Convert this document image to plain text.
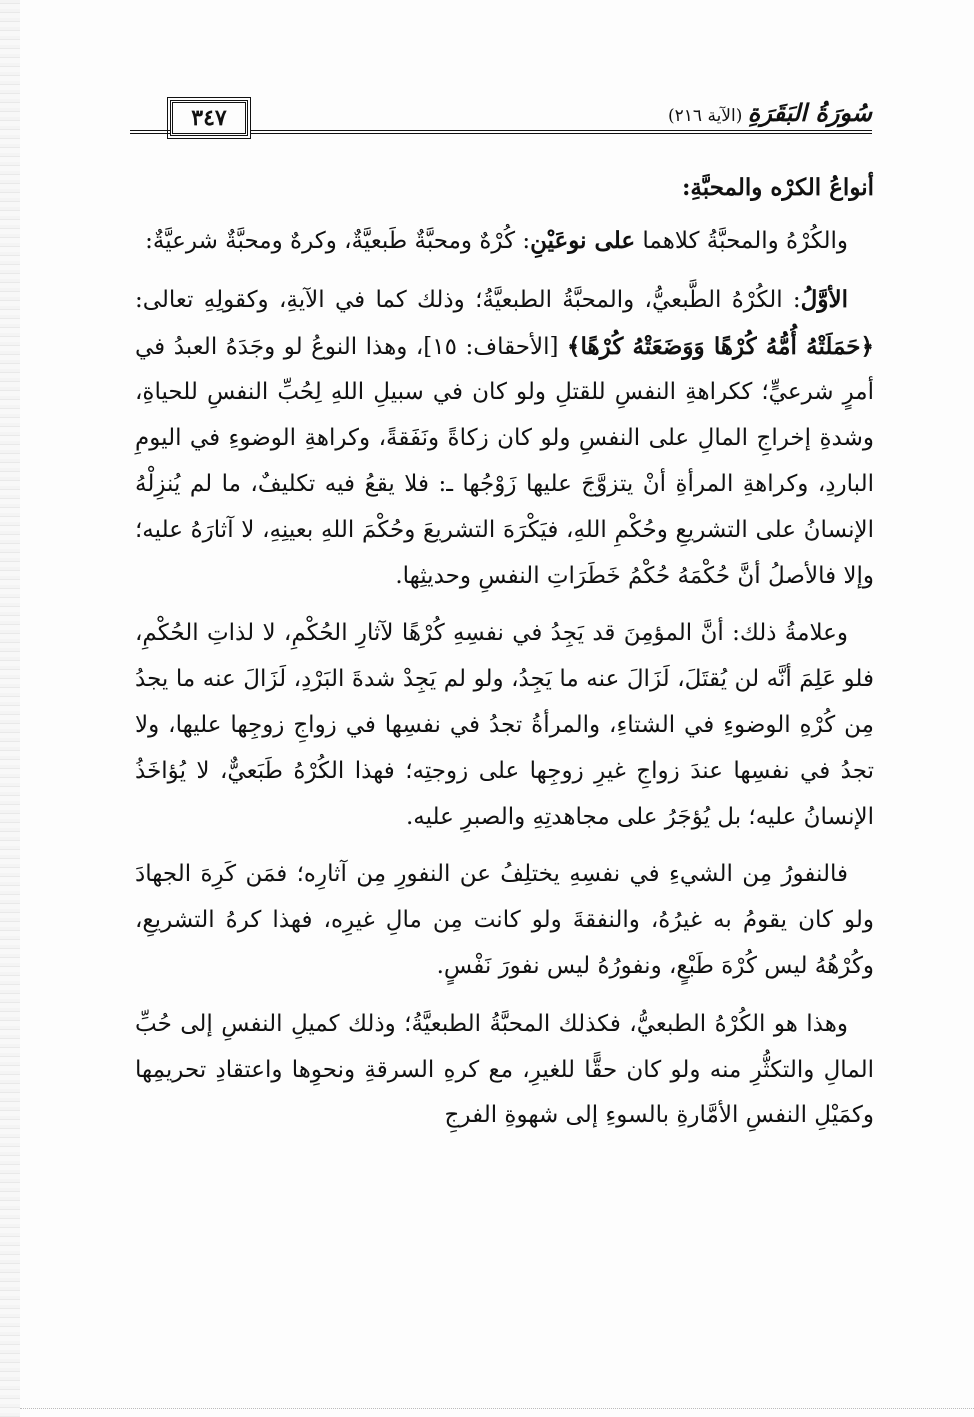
سُورَةُ البَقَرَةِ (الآية ٢١٦)
٣٤٧
أنواعُ الكرْه والمحبَّةِ:

والكُرْهُ والمحبَّةُ كلاهما على نوعَيْنِ: كُرْهٌ ومحبَّةٌ طَبعيَّةٌ، وكرهٌ ومحبَّةٌ شرعيَّةٌ:

الأوَّلُ: الكُرْهُ الطَّبعيُّ، والمحبَّةُ الطبعيَّةُ؛ وذلك كما في الآيةِ، وكقولِهِ تعالى: ﴿حَمَلَتْهُ أُمُّهُ كُرْهًا وَوَضَعَتْهُ كُرْهًا﴾ [الأحقاف: ١٥]، وهذا النوعُ لو وجَدَهُ العبدُ في أمرٍ شرعيٍّ؛ ككراهةِ النفسِ للقتلِ ولو كان في سبيلِ اللهِ لِحُبِّ النفسِ للحياةِ، وشدةِ إخراجِ المالِ على النفسِ ولو كان زكاةً ونَفَقةً، وكراهةِ الوضوءِ في اليومِ الباردِ، وكراهةِ المرأةِ أنْ يتزوَّجَ عليها زَوْجُها ـ: فلا يقعُ فيه تكليفٌ، ما لم يُنزِلْهُ الإنسانُ على التشريعِ وحُكْمِ اللهِ، فيَكْرَهَ التشريعَ وحُكْمَ اللهِ بعينِهِ، لا آثارَهُ عليه؛ وإلا فالأصلُ أنَّ حُكْمَهُ حُكْمُ خَطَرَاتِ النفسِ وحديثِها.

وعلامةُ ذلك: أنَّ المؤمِنَ قد يَجِدُ في نفسِهِ كُرْهًا لآثارِ الحُكْمِ، لا لذاتِ الحُكْمِ، فلو عَلِمَ أنَّه لن يُقتَلَ، لَزَالَ عنه ما يَجِدُ، ولو لم يَجِدْ شدةَ البَرْدِ، لَزَالَ عنه ما يجدُ مِن كُرْهِ الوضوءِ في الشتاءِ، والمرأةُ تجدُ في نفسِها في زواجِ زوجِها عليها، ولا تجدُ في نفسِها عندَ زواجِ غيرِ زوجِها على زوجتِه؛ فهذا الكُرْهُ طَبَعيٌّ، لا يُؤاخَذُ الإنسانُ عليه؛ بل يُؤجَرُ على مجاهدتِهِ والصبرِ عليه.

فالنفورُ مِن الشيءِ في نفسِهِ يختلِفُ عن النفورِ مِن آثارِه؛ فمَن كَرِهَ الجهادَ ولو كان يقومُ به غيرُهُ، والنفقةَ ولو كانت مِن مالِ غيرِه، فهذا كرهُ التشريعِ، وكُرْهُهُ ليس كُرْهَ طَبْعٍ، ونفورُهُ ليس نفورَ نَفْسٍ.

وهذا هو الكُرْهُ الطبعيُّ، فكذلك المحبَّةُ الطبعيَّةُ؛ وذلك كميلِ النفسِ إلى حُبِّ المالِ والتكثُّرِ منه ولو كان حقًّا للغيرِ، مع كرهِ السرقةِ ونحوِها واعتقادِ تحريمِها وكمَيْلِ النفسِ الأمَّارةِ بالسوءِ إلى شهوةِ الفرجِ
